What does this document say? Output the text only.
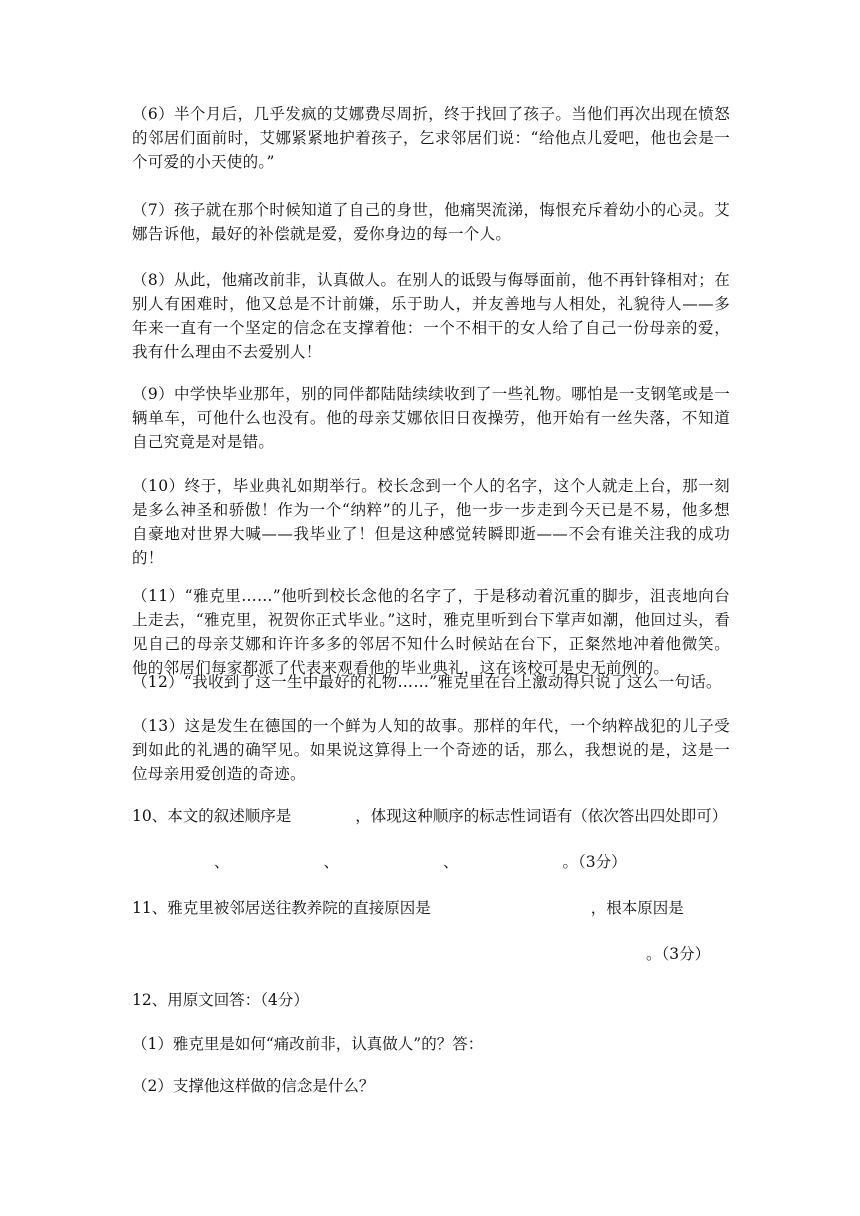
（6）半个月后，几乎发疯的艾娜费尽周折，终于找回了孩子。当他们再次出现在愤怒的邻居们面前时，艾娜紧紧地护着孩子，乞求邻居们说：“给他点儿爱吧，他也会是一个可爱的小天使的。”

（7）孩子就在那个时候知道了自己的身世，他痛哭流涕，悔恨充斥着幼小的心灵。艾娜告诉他，最好的补偿就是爱，爱你身边的每一个人。

（8）从此，他痛改前非，认真做人。在别人的诋毁与侮辱面前，他不再针锋相对；在别人有困难时，他又总是不计前嫌，乐于助人，并友善地与人相处，礼貌待人——多年来一直有一个坚定的信念在支撑着他：一个不相干的女人给了自己一份母亲的爱，我有什么理由不去爱别人！

（9）中学快毕业那年，别的同伴都陆陆续续收到了一些礼物。哪怕是一支钢笔或是一辆单车，可他什么也没有。他的母亲艾娜依旧日夜操劳，他开始有一丝失落，不知道自己究竟是对是错。

（10）终于，毕业典礼如期举行。校长念到一个人的名字，这个人就走上台，那一刻是多么神圣和骄傲！作为一个“纳粹”的儿子，他一步一步走到今天已是不易，他多想自豪地对世界大喊——我毕业了！但是这种感觉转瞬即逝——不会有谁关注我的成功的！

（11）“雅克里……”他听到校长念他的名字了，于是移动着沉重的脚步，沮丧地向台上走去，“雅克里，祝贺你正式毕业。”这时，雅克里听到台下掌声如潮，他回过头，看见自己的母亲艾娜和许许多多的邻居不知什么时候站在台下，正粲然地冲着他微笑。他的邻居们每家都派了代表来观看他的毕业典礼，这在该校可是史无前例的。

（12）“我收到了这一生中最好的礼物……”雅克里在台上激动得只说了这么一句话。

（13）这是发生在德国的一个鲜为人知的故事。那样的年代，一个纳粹战犯的儿子受到如此的礼遇的确罕见。如果说这算得上一个奇迹的话，那么，我想说的是，这是一位母亲用爱创造的奇迹。

10、本文的叙述顺序是	，体现这种顺序的标志性词语有（依次答出四处即可）

、	、	、	。（3分）

11、雅克里被邻居送往教养院的直接原因是	，根本原因是

。（3分）

12、用原文回答：（4分）

（1）雅克里是如何“痛改前非，认真做人”的？答：

（2）支撑他这样做的信念是什么？
